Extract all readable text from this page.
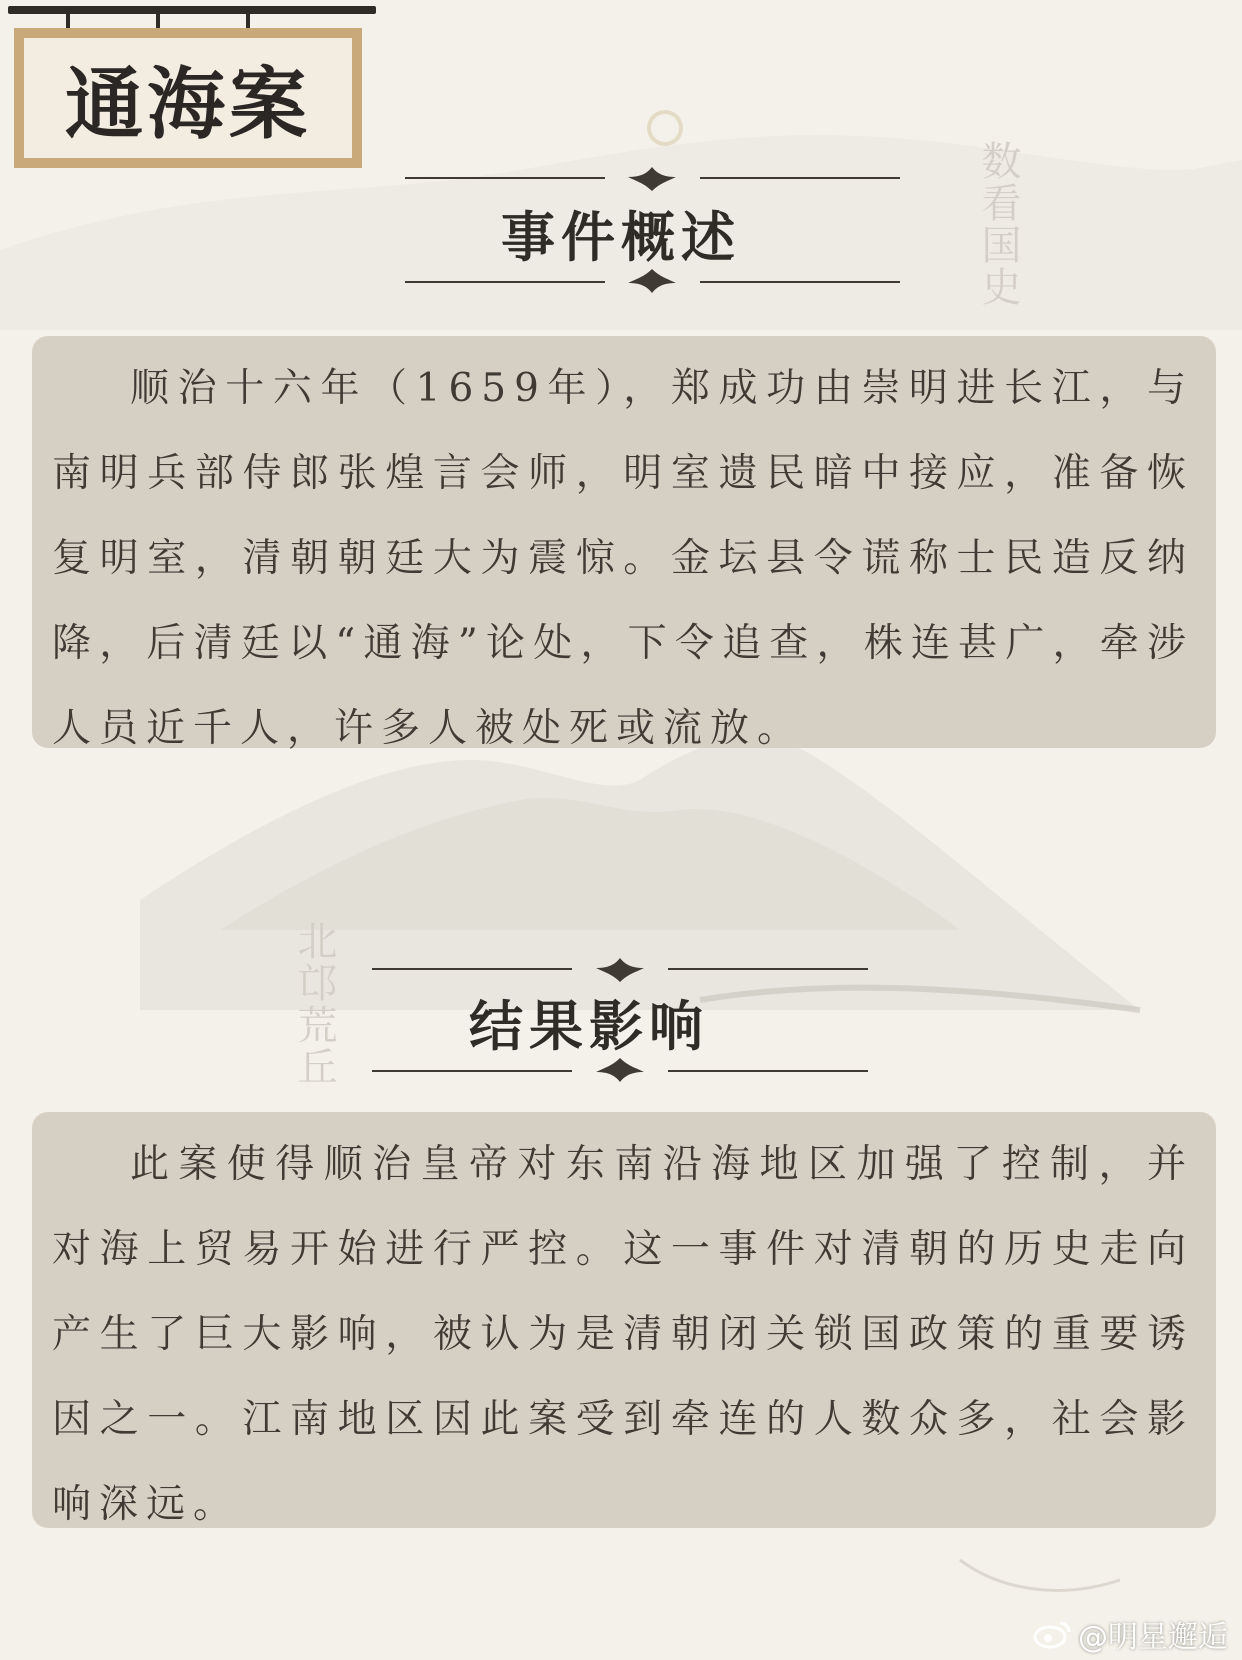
数看国史
北邙荒丘
通海案
事件概述

顺治十六年（1659年），郑成功由崇明进长江，与南明兵部侍郎张煌言会师，明室遗民暗中接应，准备恢复明室，清朝朝廷大为震惊。金坛县令谎称士民造反纳降，后清廷以“通海”论处，下令追查，株连甚广，牵涉人员近千人，许多人被处死或流放。

结果影响

此案使得顺治皇帝对东南沿海地区加强了控制，并对海上贸易开始进行严控。这一事件对清朝的历史走向产生了巨大影响，被认为是清朝闭关锁国政策的重要诱因之一。江南地区因此案受到牵连的人数众多，社会影响深远。

@明星邂逅
